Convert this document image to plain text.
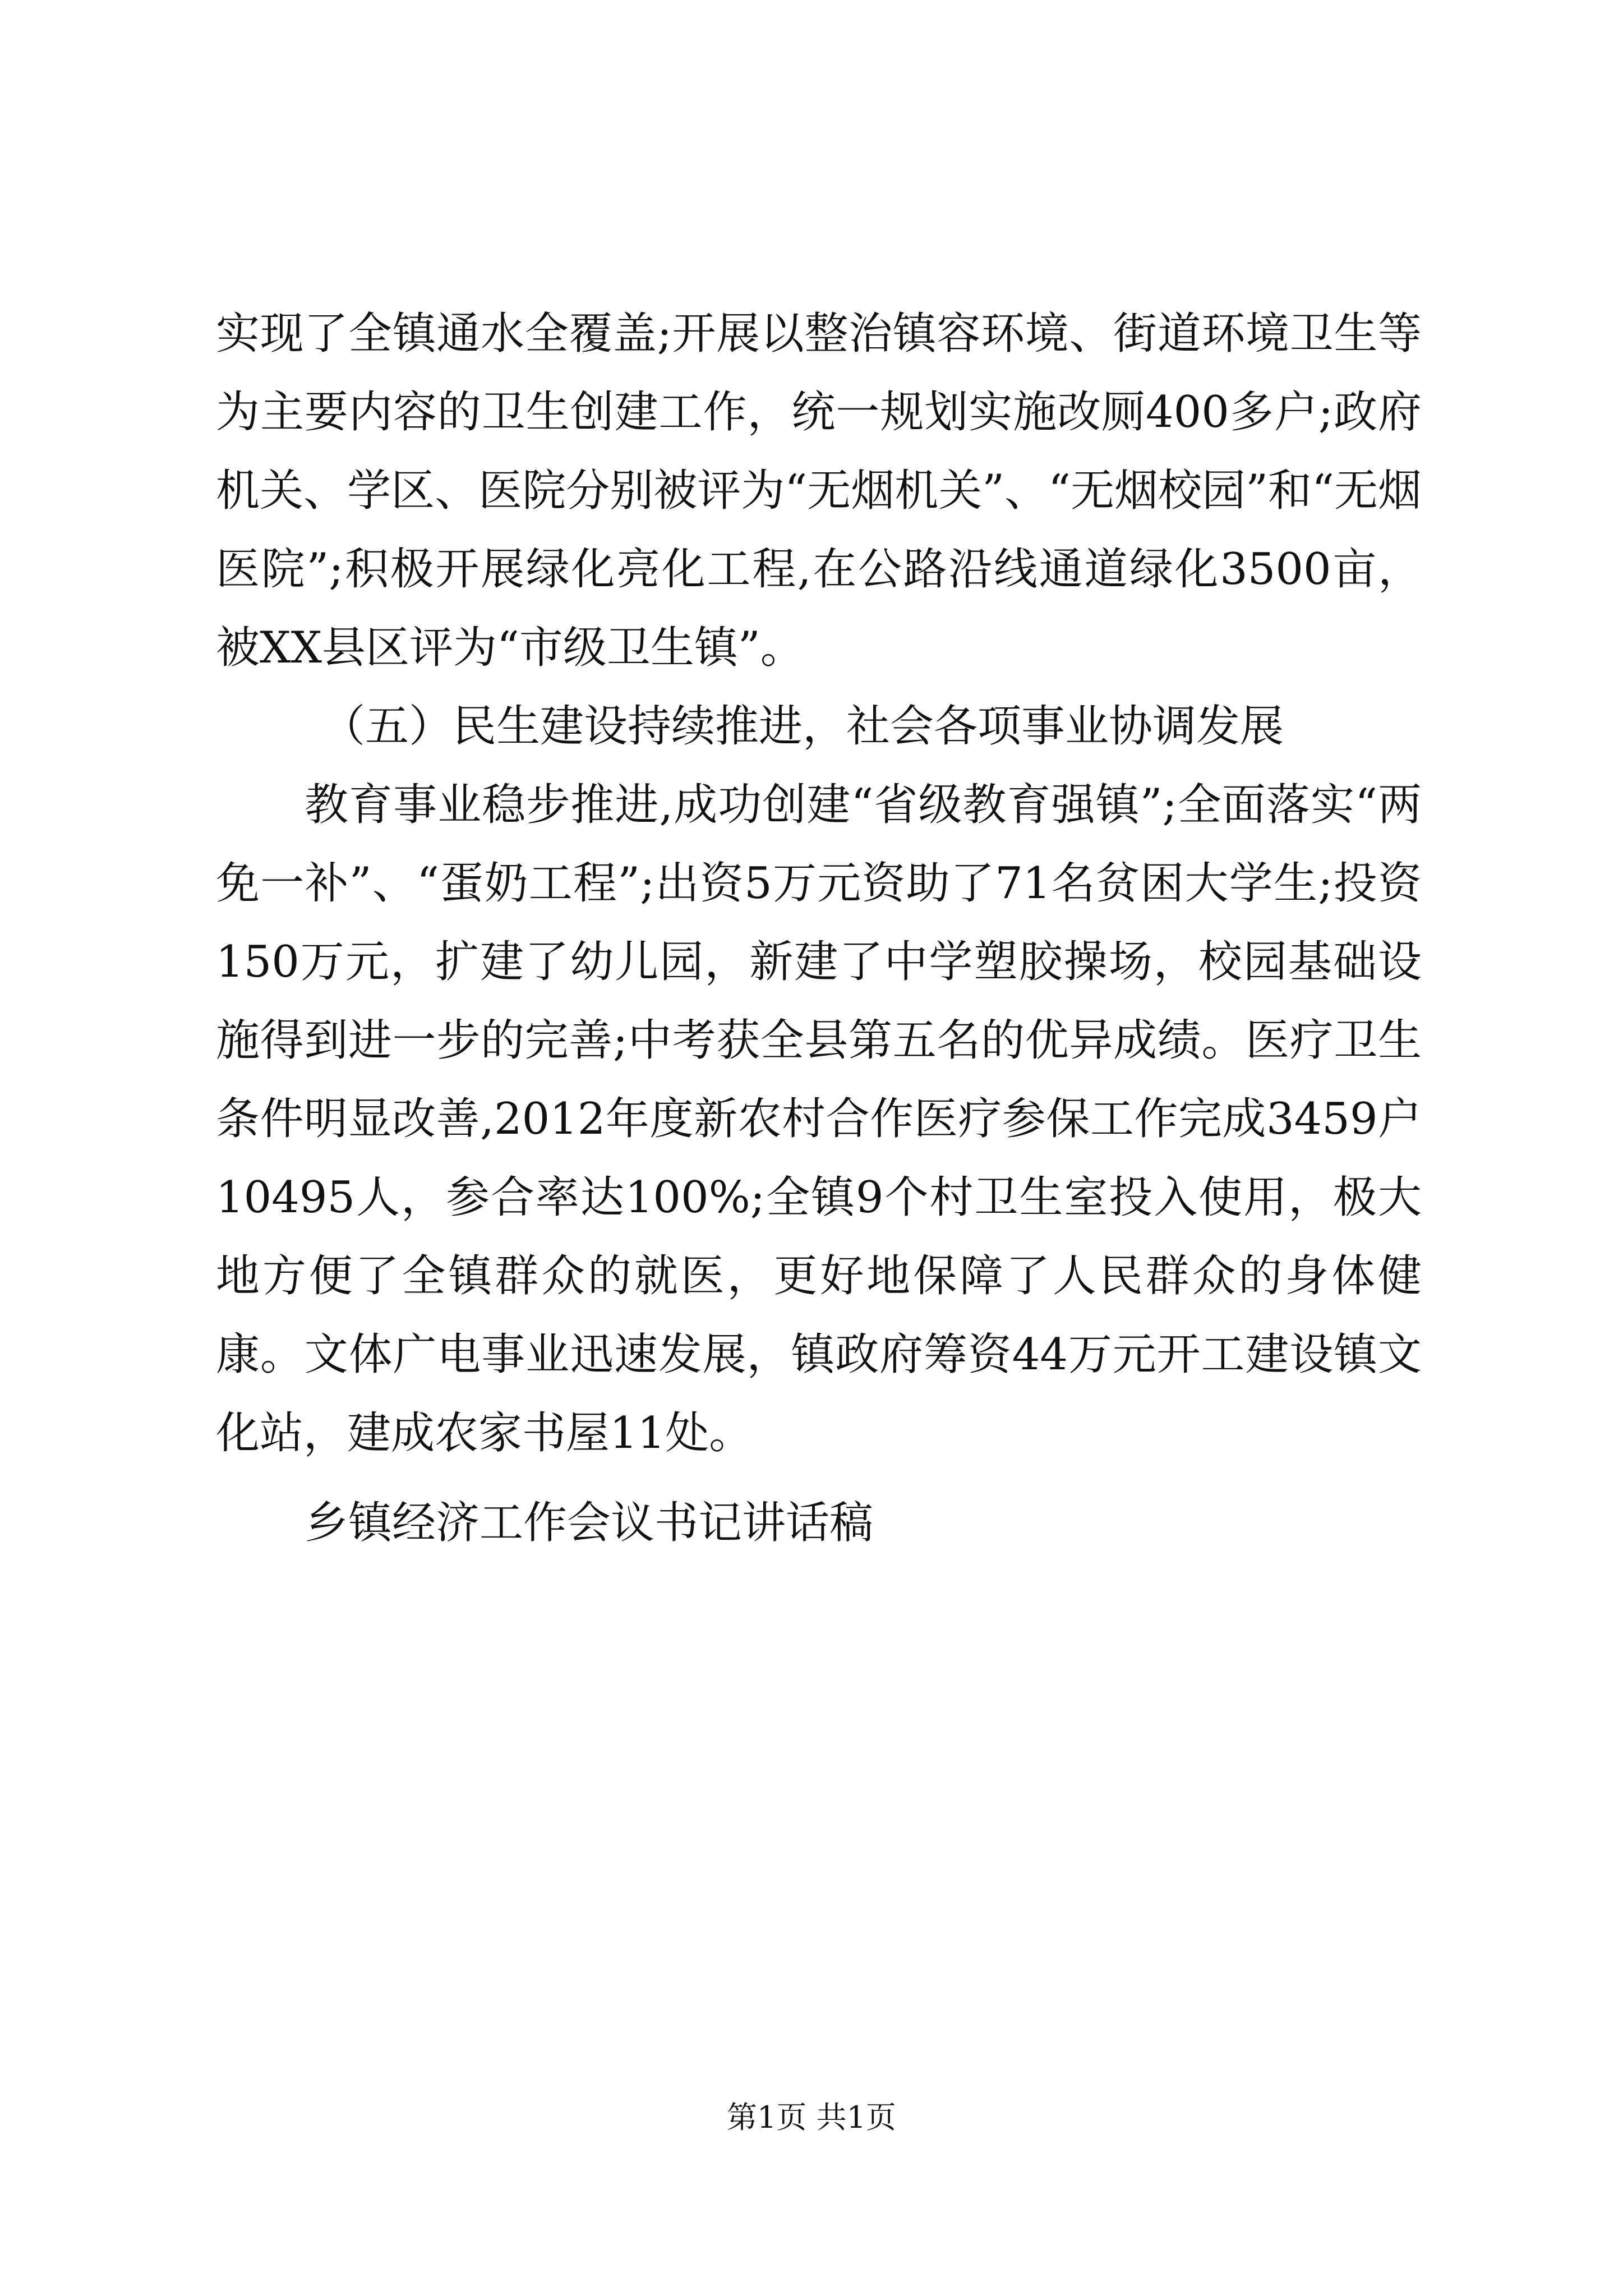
实现了全镇通水全覆盖;开展以整治镇容环境、街道环境卫生等为主要内容的卫生创建工作，统一规划实施改厕400多户;政府机关、学区、医院分别被评为“无烟机关”、“无烟校园”和“无烟医院”;积极开展绿化亮化工程,在公路沿线通道绿化3500亩，被XX县区评为“市级卫生镇”。

（五）民生建设持续推进，社会各项事业协调发展

教育事业稳步推进,成功创建“省级教育强镇”;全面落实“两免一补”、“蛋奶工程”;出资5万元资助了71名贫困大学生;投资150万元，扩建了幼儿园，新建了中学塑胶操场，校园基础设施得到进一步的完善;中考获全县第五名的优异成绩。医疗卫生条件明显改善,2012年度新农村合作医疗参保工作完成3459户10495人，参合率达100%;全镇9个村卫生室投入使用，极大地方便了全镇群众的就医，更好地保障了人民群众的身体健康。文体广电事业迅速发展，镇政府筹资44万元开工建设镇文化站，建成农家书屋11处。

乡镇经济工作会议书记讲话稿

第1页 共1页
